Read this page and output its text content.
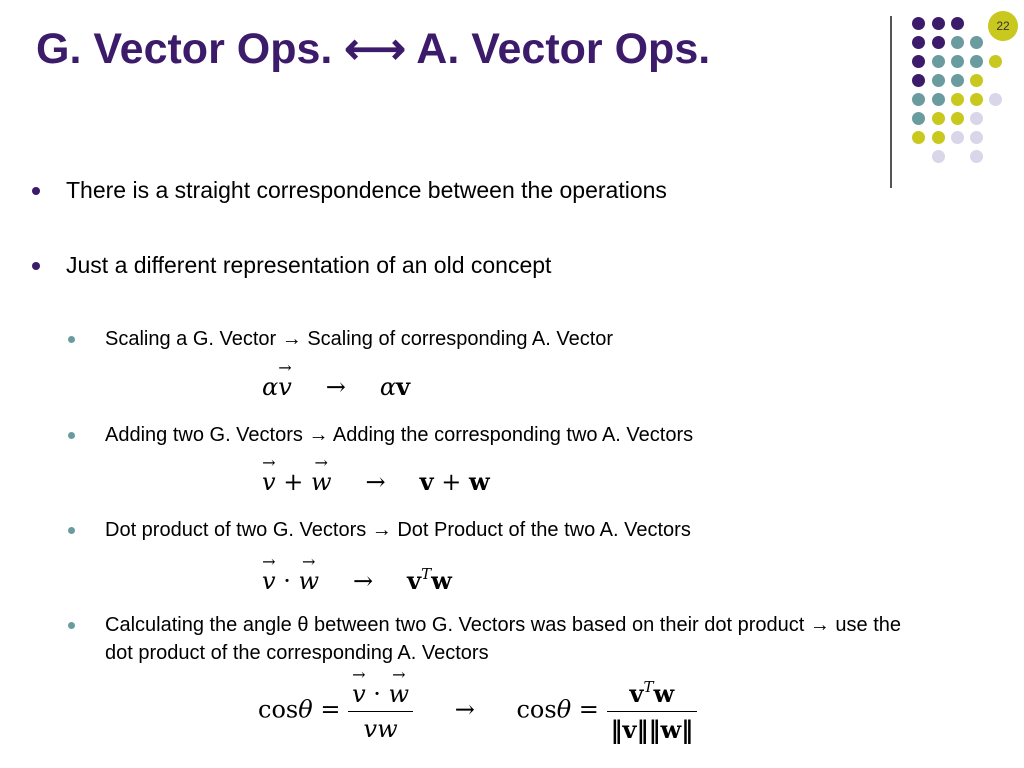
G. Vector Ops. ⟷ A. Vector Ops.	22
There is a straight correspondence between the operations
Just a different representation of an old concept
Scaling a G. Vector → Scaling of corresponding A. Vector
Adding two G. Vectors → Adding the corresponding two A. Vectors
Dot product of two G. Vectors → Dot Product of the two A. Vectors
Calculating the angle θ between two G. Vectors was based on their dot product → use the dot product of the corresponding A. Vectors
α→ v → αv
→ v + → w → v + w
→ v · → $w \to v^Tw$
cosθ = → $\frac{v \cdot \to w}{vw} \to \cos\theta = \frac{v^Tw}{‖v‖‖w‖}$
